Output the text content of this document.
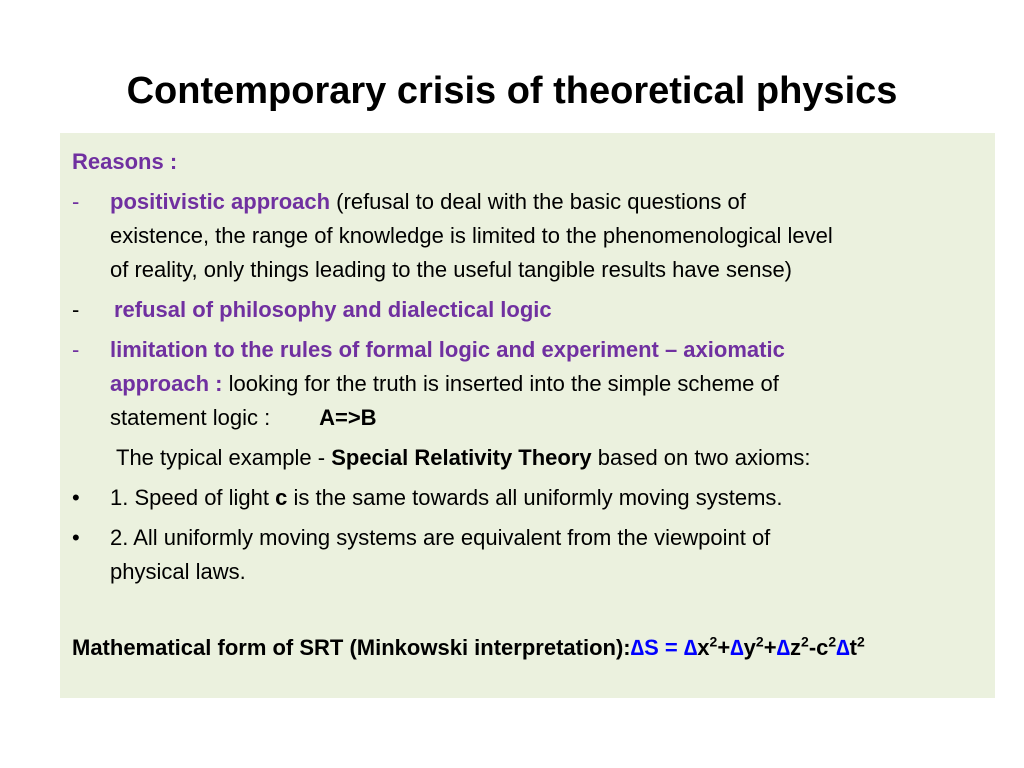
Contemporary crisis of theoretical physics
Reasons :
- positivistic approach (refusal to deal with the basic questions of
existence, the range of knowledge is limited to the phenomenological level
of reality, only things leading to the useful tangible results have sense)
- refusal of philosophy and dialectical logic
- limitation to the rules of formal logic and experiment – axiomatic
approach : looking for the truth is inserted into the simple scheme of
statement logic :        A=>B
The typical example - Special Relativity Theory based on two axioms:
• 1. Speed of light c is the same towards all uniformly moving systems.
• 2. All uniformly moving systems are equivalent from the viewpoint of
physical laws.
Mathematical form of SRT (Minkowski interpretation):∆S = $\Delta x^2+\Delta y^2+\Delta z^2-c^2\Delta t^2$
